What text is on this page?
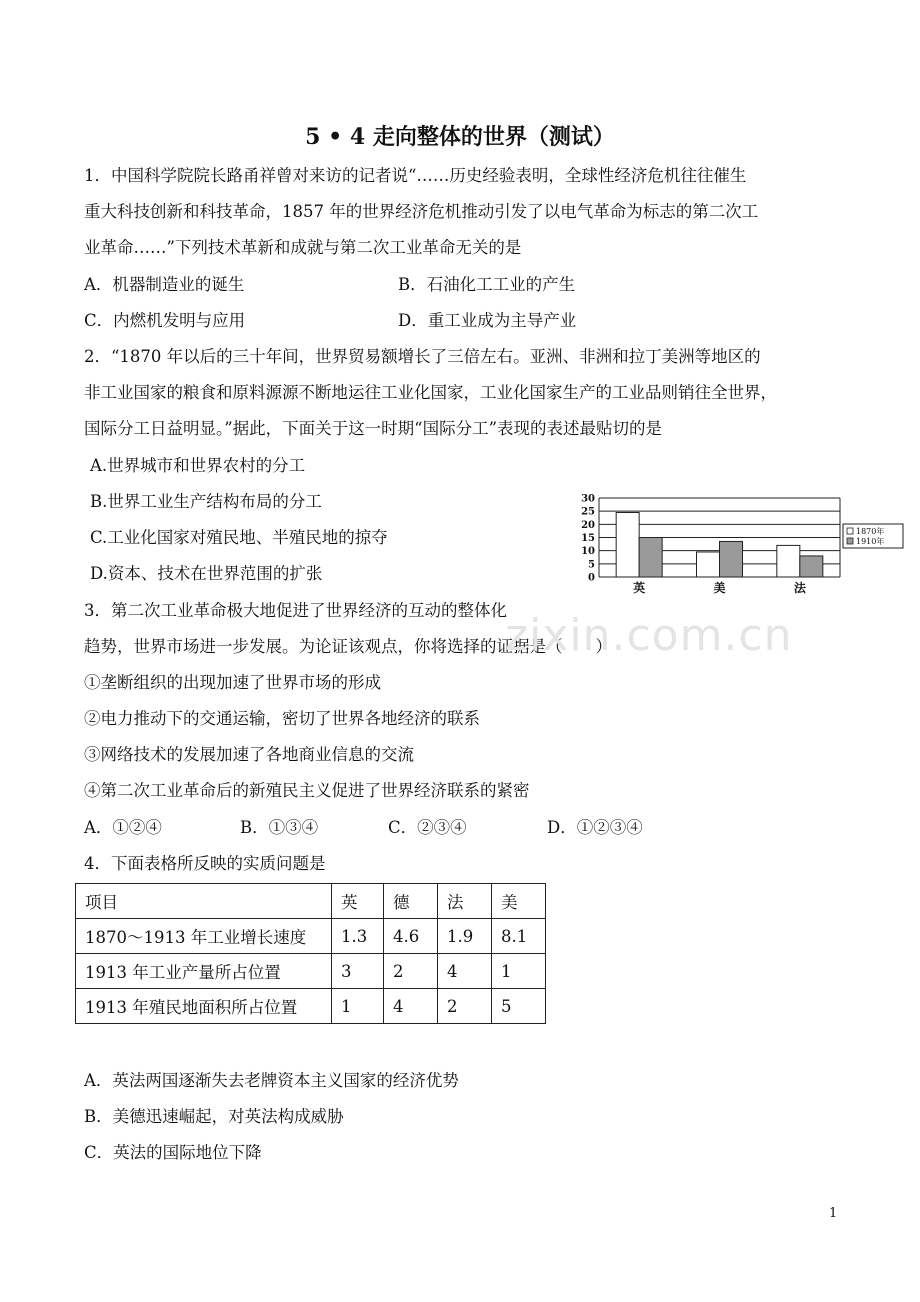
5 • 4 走向整体的世界（测试）
1．中国科学院院长路甬祥曾对来访的记者说“……历史经验表明，全球性经济危机往往催生
重大科技创新和科技革命，1857 年的世界经济危机推动引发了以电气革命为标志的第二次工
业革命……”下列技术革新和成就与第二次工业革命无关的是
A．机器制造业的诞生	B．石油化工工业的产生
C．内燃机发明与应用	D．重工业成为主导产业
2．“1870 年以后的三十年间，世界贸易额增长了三倍左右。亚洲、非洲和拉丁美洲等地区的
非工业国家的粮食和原料源源不断地运往工业化国家，工业化国家生产的工业品则销往全世界，
国际分工日益明显。”据此，下面关于这一时期“国际分工”表现的表述最贴切的是
A.世界城市和世界农村的分工
B.世界工业生产结构布局的分工
C.工业化国家对殖民地、半殖民地的掠夺
D.资本、技术在世界范围的扩张	0
5
10
15
20
25
30
英	美	法
1870年
1910年
3．第二次工业革命极大地促进了世界经济的互动的整体化
趋势，世界市场进一步发展。为论证该观点，你将选择的证据是（　　）
①垄断组织的出现加速了世界市场的形成
②电力推动下的交通运输，密切了世界各地经济的联系
③网络技术的发展加速了各地商业信息的交流
④第二次工业革命后的新殖民主义促进了世界经济联系的紧密
A．①②④	B．①③④	C．②③④	D．①②③④
4．下面表格所反映的实质问题是
项目	英	德	法	美
1870～1913 年工业增长速度	1.3	4.6	1.9	8.1
1913 年工业产量所占位置	3	2	4	1
1913 年殖民地面积所占位置	1	4	2	5
A．英法两国逐渐失去老牌资本主义国家的经济优势
B．美德迅速崛起，对英法构成威胁
C．英法的国际地位下降
zixin.com.cn
1
